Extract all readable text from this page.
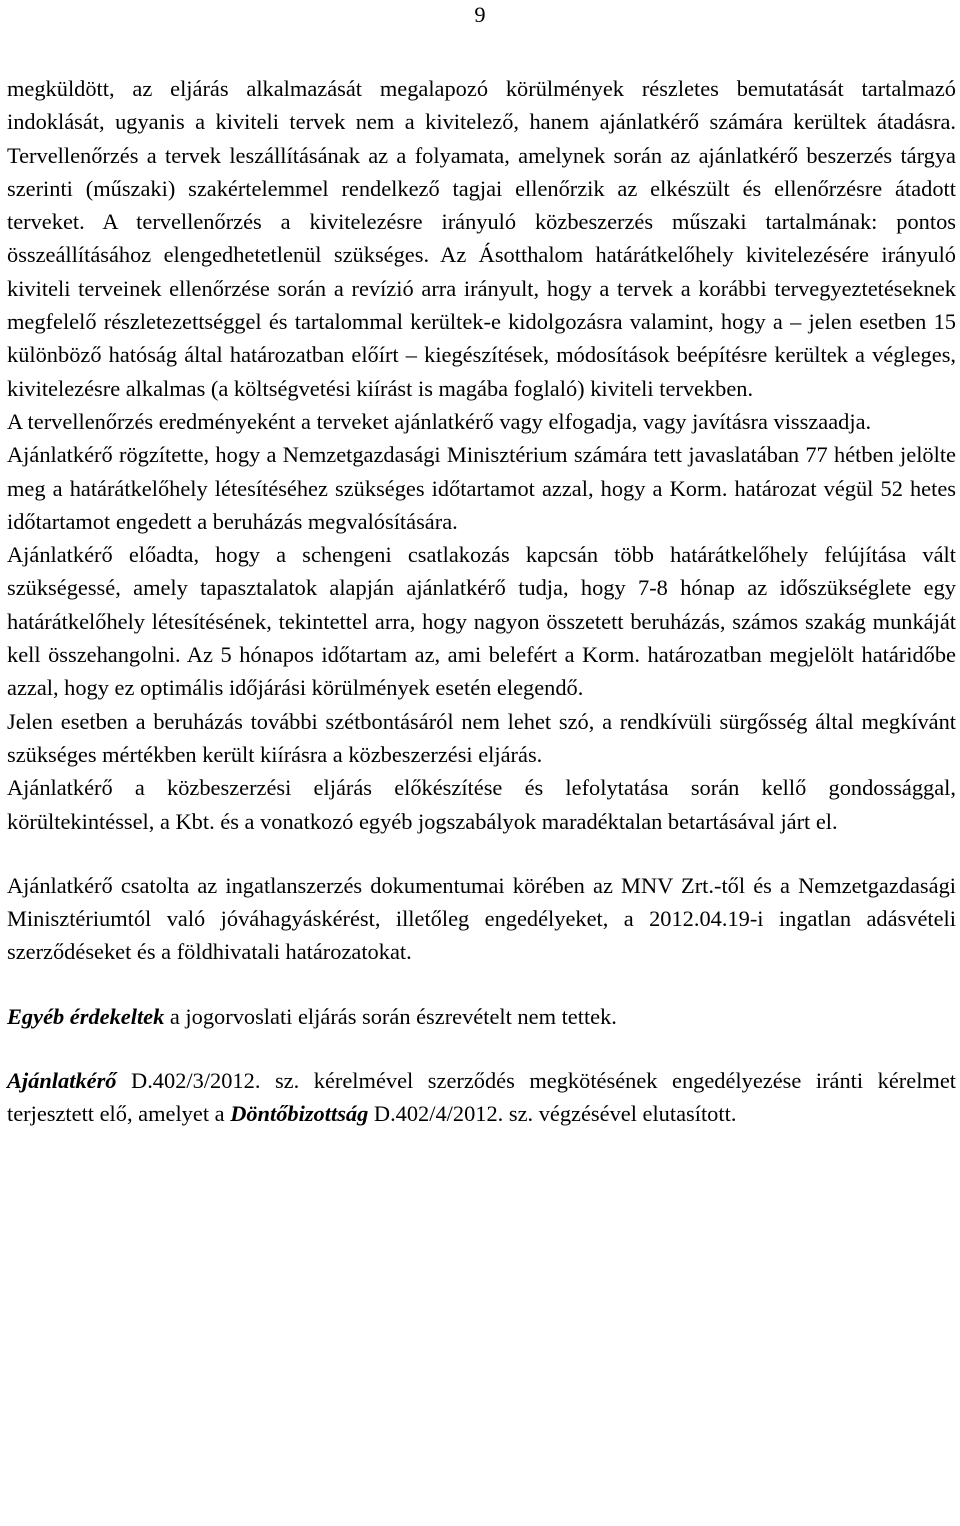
9

megküldött, az eljárás alkalmazását megalapozó körülmények részletes bemutatását tartalmazó indoklását, ugyanis a kiviteli tervek nem a kivitelező, hanem ajánlatkérő számára kerültek átadásra. Tervellenőrzés a tervek leszállításának az a folyamata, amelynek során az ajánlatkérő beszerzés tárgya szerinti (műszaki) szakértelemmel rendelkező tagjai ellenőrzik az elkészült és ellenőrzésre átadott terveket. A tervellenőrzés a kivitelezésre irányuló közbeszerzés műszaki tartalmának: pontos összeállításához elengedhetetlenül szükséges. Az Ásotthalom határátkelőhely kivitelezésére irányuló kiviteli terveinek ellenőrzése során a revízió arra irányult, hogy a tervek a korábbi tervegyeztetéseknek megfelelő részletezettséggel és tartalommal kerültek-e kidolgozásra valamint, hogy a – jelen esetben 15 különböző hatóság által határozatban előírt – kiegészítések, módosítások beépítésre kerültek a végleges, kivitelezésre alkalmas (a költségvetési kiírást is magába foglaló) kiviteli tervekben.

A tervellenőrzés eredményeként a terveket ajánlatkérő vagy elfogadja, vagy javításra visszaadja.

Ajánlatkérő rögzítette, hogy a Nemzetgazdasági Minisztérium számára tett javaslatában 77 hétben jelölte meg a határátkelőhely létesítéséhez szükséges időtartamot azzal, hogy a Korm. határozat végül 52 hetes időtartamot engedett a beruházás megvalósítására.

Ajánlatkérő előadta, hogy a schengeni csatlakozás kapcsán több határátkelőhely felújítása vált szükségessé, amely tapasztalatok alapján ajánlatkérő tudja, hogy 7-8 hónap az időszükséglete egy határátkelőhely létesítésének, tekintettel arra, hogy nagyon összetett beruházás, számos szakág munkáját kell összehangolni. Az 5 hónapos időtartam az, ami belefért a Korm. határozatban megjelölt határidőbe azzal, hogy ez optimális időjárási körülmények esetén elegendő.

Jelen esetben a beruházás további szétbontásáról nem lehet szó, a rendkívüli sürgősség által megkívánt szükséges mértékben került kiírásra a közbeszerzési eljárás.

Ajánlatkérő a közbeszerzési eljárás előkészítése és lefolytatása során kellő gondossággal, körültekintéssel, a Kbt. és a vonatkozó egyéb jogszabályok maradéktalan betartásával járt el.

Ajánlatkérő csatolta az ingatlanszerzés dokumentumai körében az MNV Zrt.-től és a Nemzetgazdasági Minisztériumtól való jóváhagyáskérést, illetőleg engedélyeket, a 2012.04.19-i ingatlan adásvételi szerződéseket és a földhivatali határozatokat.

Egyéb érdekeltek a jogorvoslati eljárás során észrevételt nem tettek.

Ajánlatkérő D.402/3/2012. sz. kérelmével szerződés megkötésének engedélyezése iránti kérelmet terjesztett elő, amelyet a Döntőbizottság D.402/4/2012. sz. végzésével elutasított.
